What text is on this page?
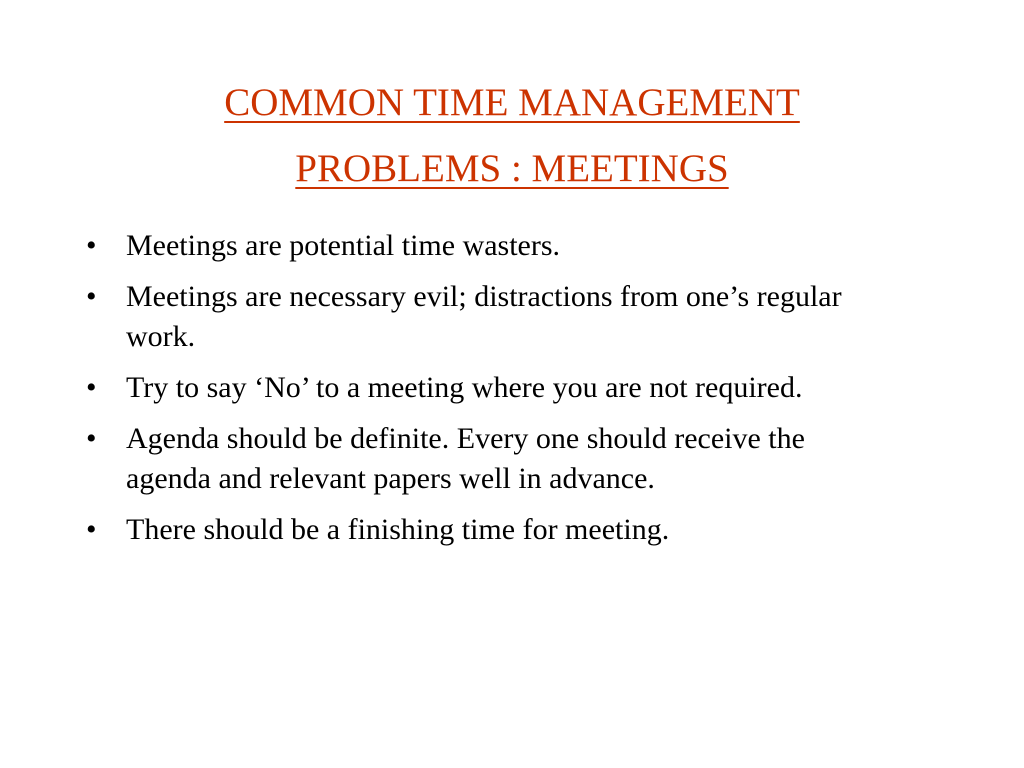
COMMON TIME MANAGEMENT
PROBLEMS : MEETINGS
• Meetings are potential time wasters.
• Meetings are necessary evil; distractions from one’s regular work.
• Try to say ‘No’ to a meeting where you are not required.
• Agenda should be definite. Every one should receive the agenda and relevant papers well in advance.
• There should be a finishing time for meeting.
